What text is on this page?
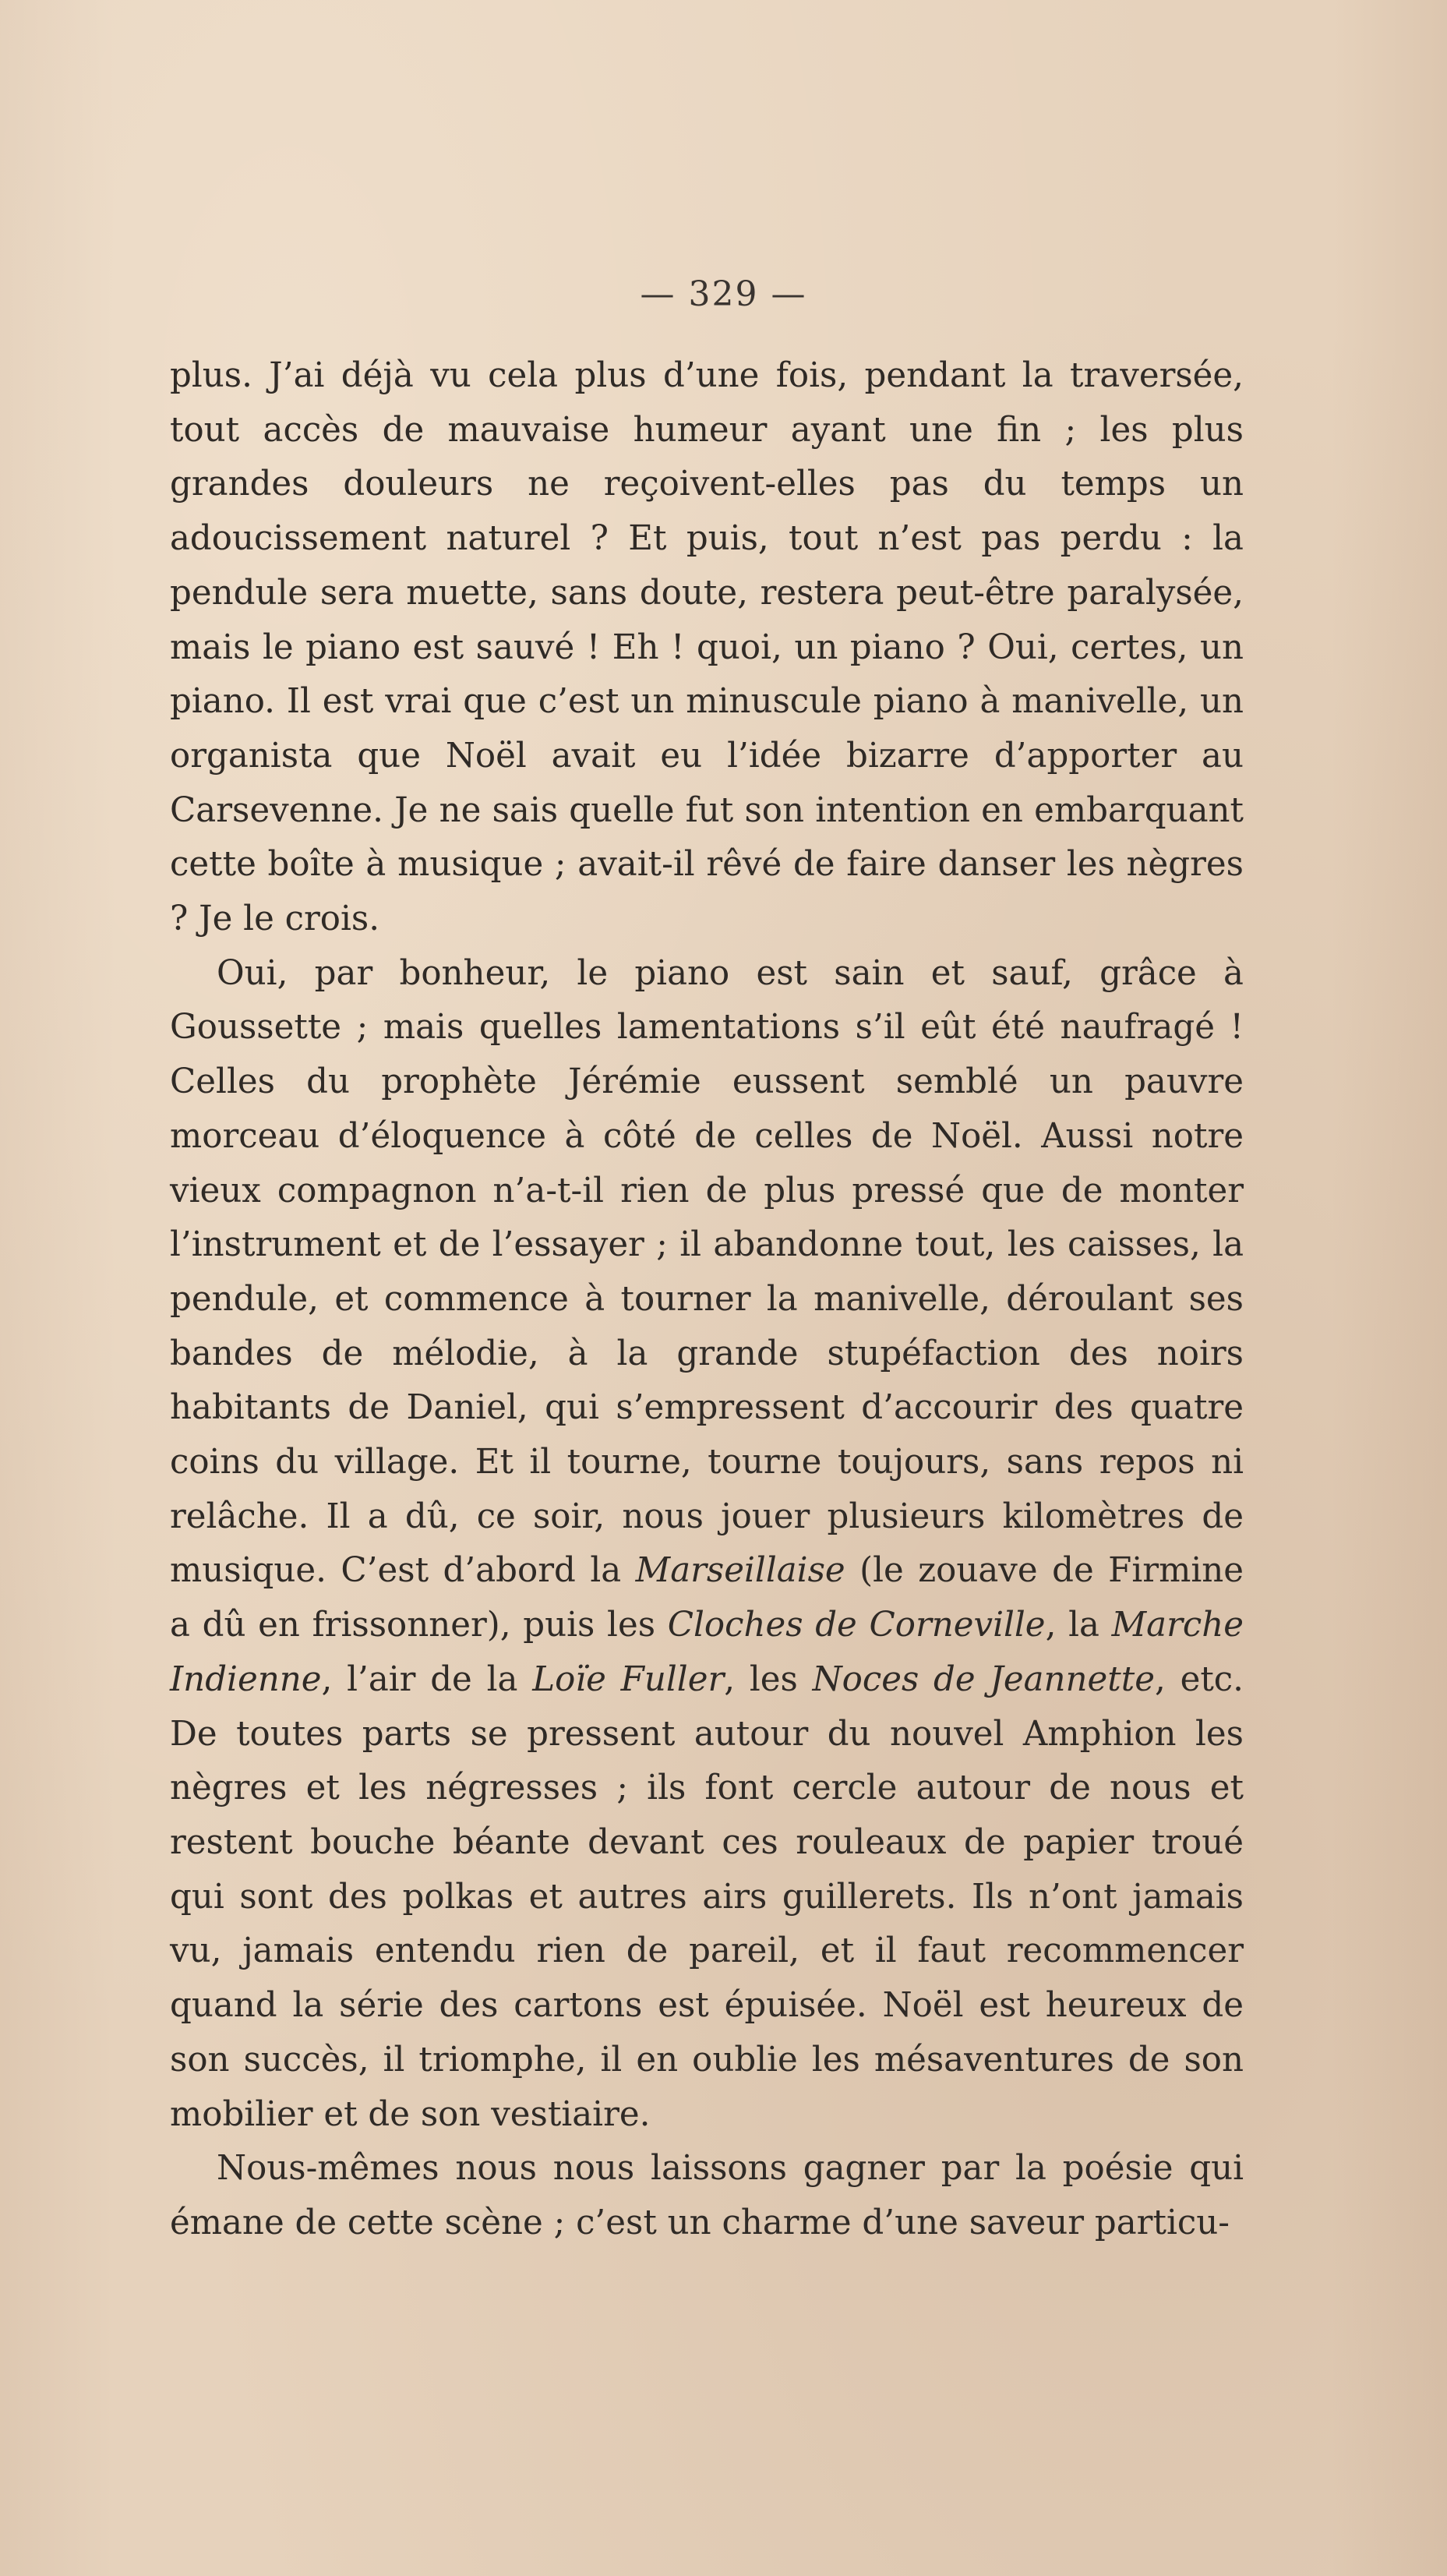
— 329 —

plus. J’ai déjà vu cela plus d’une fois, pendant la traversée, tout accès de mauvaise humeur ayant une fin ; les plus grandes douleurs ne reçoivent-elles pas du temps un adoucissement naturel ? Et puis, tout n’est pas perdu : la pendule sera muette, sans doute, restera peut-être paralysée, mais le piano est sauvé ! Eh ! quoi, un piano ? Oui, certes, un piano. Il est vrai que c’est un minuscule piano à manivelle, un organista que Noël avait eu l’idée bizarre d’apporter au Carsevenne. Je ne sais quelle fut son intention en embarquant cette boîte à musique ; avait-il rêvé de faire danser les nègres ? Je le crois.

Oui, par bonheur, le piano est sain et sauf, grâce à Goussette ; mais quelles lamentations s’il eût été naufragé ! Celles du prophète Jérémie eussent semblé un pauvre morceau d’éloquence à côté de celles de Noël. Aussi notre vieux compagnon n’a-t-il rien de plus pressé que de monter l’instrument et de l’essayer ; il abandonne tout, les caisses, la pendule, et commence à tourner la manivelle, déroulant ses bandes de mélodie, à la grande stupéfaction des noirs habitants de Daniel, qui s’empressent d’accourir des quatre coins du village. Et il tourne, tourne toujours, sans repos ni relâche. Il a dû, ce soir, nous jouer plusieurs kilomètres de musique. C’est d’abord la Marseillaise (le zouave de Firmine a dû en frissonner), puis les Cloches de Corneville, la Marche Indienne, l’air de la Loïe Fuller, les Noces de Jeannette, etc. De toutes parts se pressent autour du nouvel Amphion les nègres et les négresses ; ils font cercle autour de nous et restent bouche béante devant ces rouleaux de papier troué qui sont des polkas et autres airs guillerets. Ils n’ont jamais vu, jamais entendu rien de pareil, et il faut recommencer quand la série des cartons est épuisée. Noël est heureux de son succès, il triomphe, il en oublie les mésaventures de son mobilier et de son vestiaire.

Nous-mêmes nous nous laissons gagner par la poésie qui émane de cette scène ; c’est un charme d’une saveur particu-
